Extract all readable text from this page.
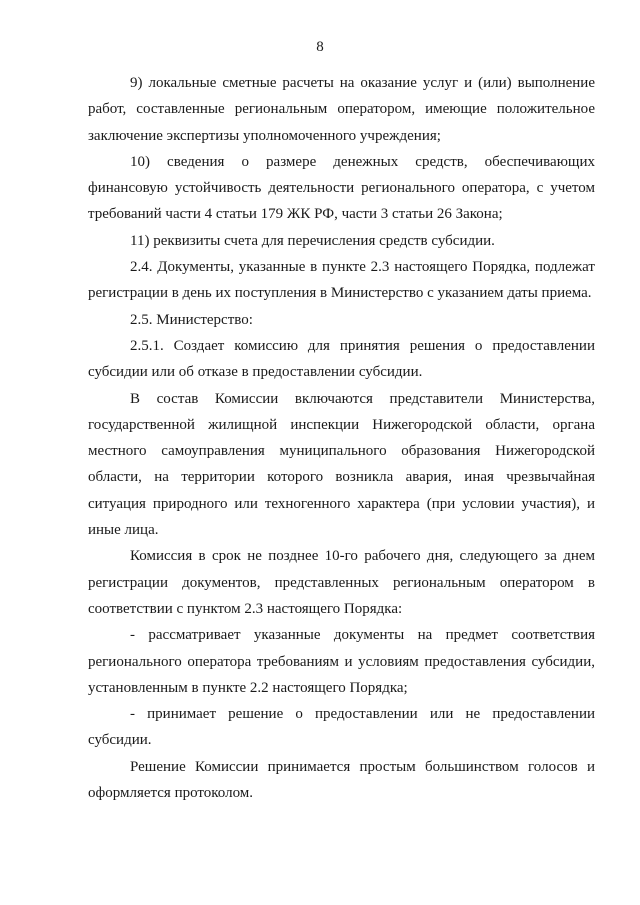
8

9) локальные сметные расчеты на оказание услуг и (или) выполнение работ, составленные региональным оператором, имеющие положительное заключение экспертизы уполномоченного учреждения;

10) сведения о размере денежных средств, обеспечивающих финансовую устойчивость деятельности регионального оператора, с учетом требований части 4 статьи 179 ЖК РФ, части 3 статьи 26 Закона;

11) реквизиты счета для перечисления средств субсидии.

2.4. Документы, указанные в пункте 2.3 настоящего Порядка, подлежат регистрации в день их поступления в Министерство с указанием даты приема.

2.5. Министерство:

2.5.1. Создает комиссию для принятия решения о предоставлении субсидии или об отказе в предоставлении субсидии.

В состав Комиссии включаются представители Министерства, государственной жилищной инспекции Нижегородской области, органа местного самоуправления муниципального образования Нижегородской области, на территории которого возникла авария, иная чрезвычайная ситуация природного или техногенного характера (при условии участия), и иные лица.

Комиссия в срок не позднее 10-го рабочего дня, следующего за днем регистрации документов, представленных региональным оператором в соответствии с пунктом 2.3 настоящего Порядка:

- рассматривает указанные документы на предмет соответствия регионального оператора требованиям и условиям предоставления субсидии, установленным в пункте 2.2 настоящего Порядка;

- принимает решение о предоставлении или не предоставлении субсидии.

Решение Комиссии принимается простым большинством голосов и оформляется протоколом.
